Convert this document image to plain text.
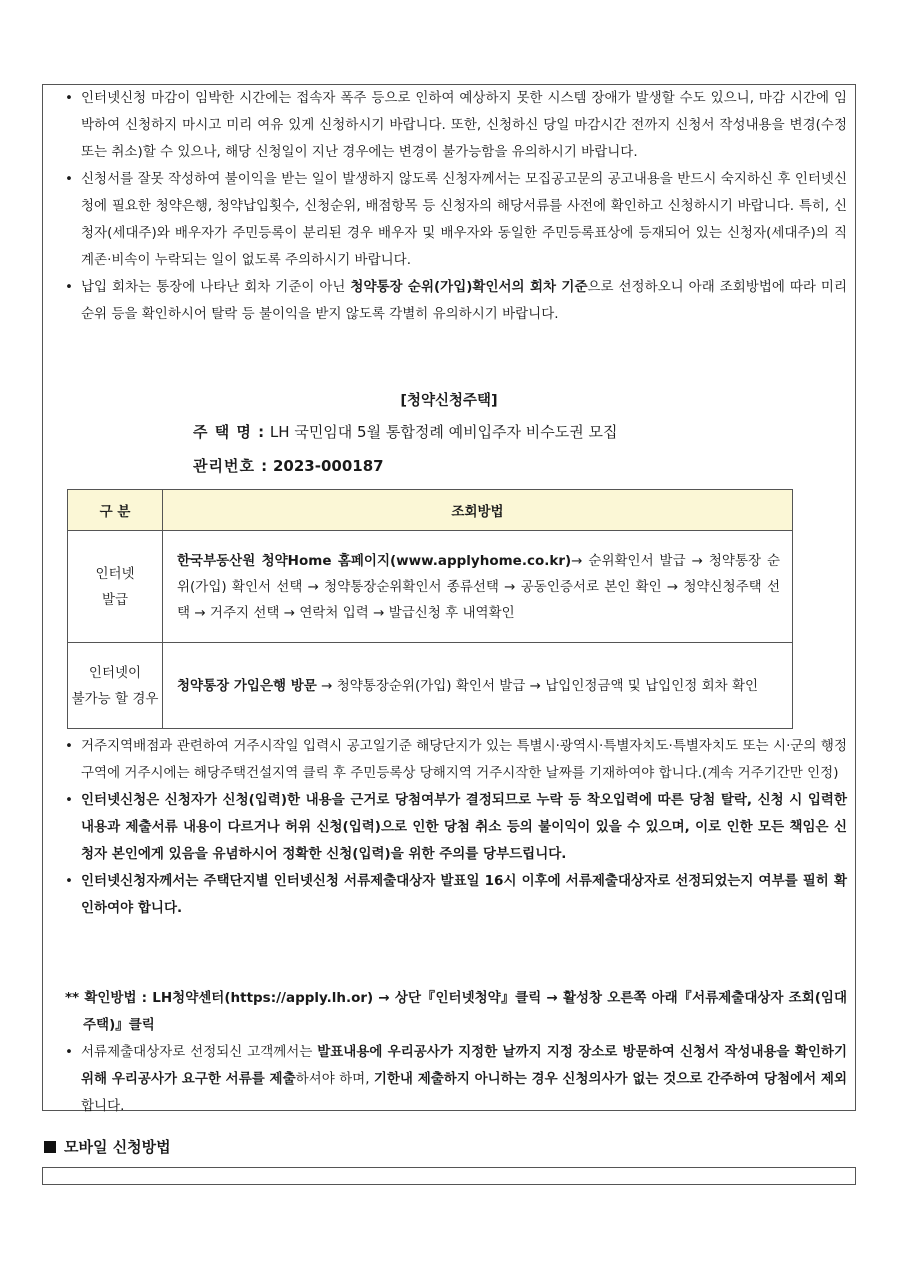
• 인터넷신청 마감이 임박한 시간에는 접속자 폭주 등으로 인하여 예상하지 못한 시스템 장애가 발생할 수도 있으니, 마감 시간에 임박하여 신청하지 마시고 미리 여유 있게 신청하시기 바랍니다. 또한, 신청하신 당일 마감시간 전까지 신청서 작성내용을 변경(수정 또는 취소)할 수 있으나, 해당 신청일이 지난 경우에는 변경이 불가능함을 유의하시기 바랍니다.
• 신청서를 잘못 작성하여 불이익을 받는 일이 발생하지 않도록 신청자께서는 모집공고문의 공고내용을 반드시 숙지하신 후 인터넷신청에 필요한 청약은행, 청약납입횟수, 신청순위, 배점항목 등 신청자의 해당서류를 사전에 확인하고 신청하시기 바랍니다. 특히, 신청자(세대주)와 배우자가 주민등록이 분리된 경우 배우자 및 배우자와 동일한 주민등록표상에 등재되어 있는 신청자(세대주)의 직계존·비속이 누락되는 일이 없도록 주의하시기 바랍니다.
• 납입 회차는 통장에 나타난 회차 기준이 아닌 청약통장 순위(가입)확인서의 회차 기준으로 선정하오니 아래 조회방법에 따라 미리 순위 등을 확인하시어 탈락 등 불이익을 받지 않도록 각별히 유의하시기 바랍니다.
[청약신청주택]
주 택 명 : LH 국민임대 5월 통합정례 예비입주자 비수도권 모집
관리번호 : 2023-000187
구 분	조회방법
인터넷
발급	한국부동산원 청약Home 홈페이지(www.applyhome.co.kr)→ 순위확인서 발급 → 청약통장 순위(가입) 확인서 선택 → 청약통장순위확인서 종류선택 → 공동인증서로 본인 확인 → 청약신청주택 선택 → 거주지 선택 → 연락처 입력 → 발급신청 후 내역확인
인터넷이
불가능 할 경우	청약통장 가입은행 방문 → 청약통장순위(가입) 확인서 발급 → 납입인정금액 및 납입인정 회차 확인
• 거주지역배점과 관련하여 거주시작일 입력시 공고일기준 해당단지가 있는 특별시·광역시·특별자치도·특별자치도 또는 시·군의 행정구역에 거주시에는 해당주택건설지역 클릭 후 주민등록상 당해지역 거주시작한 날짜를 기재하여야 합니다.(계속 거주기간만 인정)
• 인터넷신청은 신청자가 신청(입력)한 내용을 근거로 당첨여부가 결정되므로 누락 등 착오입력에 따른 당첨 탈락, 신청 시 입력한 내용과 제출서류 내용이 다르거나 허위 신청(입력)으로 인한 당첨 취소 등의 불이익이 있을 수 있으며, 이로 인한 모든 책임은 신청자 본인에게 있음을 유념하시어 정확한 신청(입력)을 위한 주의를 당부드립니다.
• 인터넷신청자께서는 주택단지별 인터넷신청 서류제출대상자 발표일 16시 이후에 서류제출대상자로 선정되었는지 여부를 필히 확인하여야 합니다.
** 확인방법 : LH청약센터(https://apply.lh.or) → 상단『인터넷청약』클릭 → 활성창 오른쪽 아래『서류제출대상자 조회(임대주택)』클릭
• 서류제출대상자로 선정되신 고객께서는 발표내용에 우리공사가 지정한 날까지 지정 장소로 방문하여 신청서 작성내용을 확인하기 위해 우리공사가 요구한 서류를 제출하셔야 하며, 기한내 제출하지 아니하는 경우 신청의사가 없는 것으로 간주하여 당첨에서 제외합니다.
모바일 신청방법
